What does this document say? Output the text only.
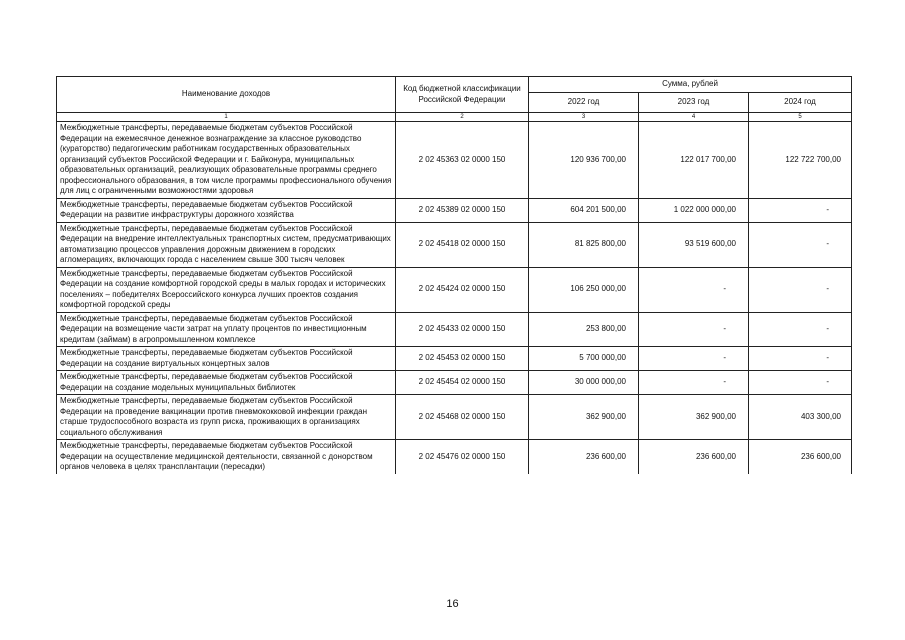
Наименование доходов	Код бюджетной классификации Российской Федерации	Сумма, рублей		
		2022 год	2023 год	2024 год
1	2	3	4	5
Межбюджетные трансферты, передаваемые бюджетам субъектов Российской Федерации на ежемесячное денежное вознаграждение за классное руководство (кураторство) педагогическим работникам государственных образовательных организаций субъектов Российской Федерации и г. Байконура, муниципальных образовательных организаций, реализующих образовательные программы среднего профессионального образования, в том числе программы профессионального обучения для лиц с ограниченными возможностями здоровья	2 02 45363 02 0000 150	120 936 700,00	122 017 700,00	122 722 700,00
Межбюджетные трансферты, передаваемые бюджетам субъектов Российской Федерации на развитие инфраструктуры дорожного хозяйства	2 02 45389 02 0000 150	604 201 500,00	1 022 000 000,00	-
Межбюджетные трансферты, передаваемые бюджетам субъектов Российской Федерации на внедрение интеллектуальных транспортных систем, предусматривающих автоматизацию процессов управления дорожным движением в городских агломерациях, включающих города с населением свыше 300 тысяч человек	2 02 45418 02 0000 150	81 825 800,00	93 519 600,00	-
Межбюджетные трансферты, передаваемые бюджетам субъектов Российской Федерации на создание комфортной городской среды в малых городах и исторических поселениях – победителях Всероссийского конкурса лучших проектов создания комфортной городской среды	2 02 45424 02 0000 150	106 250 000,00	-	-
Межбюджетные трансферты, передаваемые бюджетам субъектов Российской Федерации на возмещение части затрат на уплату процентов по инвестиционным кредитам (займам) в агропромышленном комплексе	2 02 45433 02 0000 150	253 800,00	-	-
Межбюджетные трансферты, передаваемые бюджетам субъектов Российской Федерации на создание виртуальных концертных залов	2 02 45453 02 0000 150	5 700 000,00	-	-
Межбюджетные трансферты, передаваемые бюджетам субъектов Российской Федерации на создание модельных муниципальных библиотек	2 02 45454 02 0000 150	30 000 000,00	-	-
Межбюджетные трансферты, передаваемые бюджетам субъектов Российской Федерации на проведение вакцинации против пневмококковой инфекции граждан старше трудоспособного возраста из групп риска, проживающих в организациях социального обслуживания	2 02 45468 02 0000 150	362 900,00	362 900,00	403 300,00
Межбюджетные трансферты, передаваемые бюджетам субъектов Российской Федерации на осуществление медицинской деятельности, связанной с донорством органов человека в целях трансплантации (пересадки)	2 02 45476 02 0000 150	236 600,00	236 600,00	236 600,00
16
